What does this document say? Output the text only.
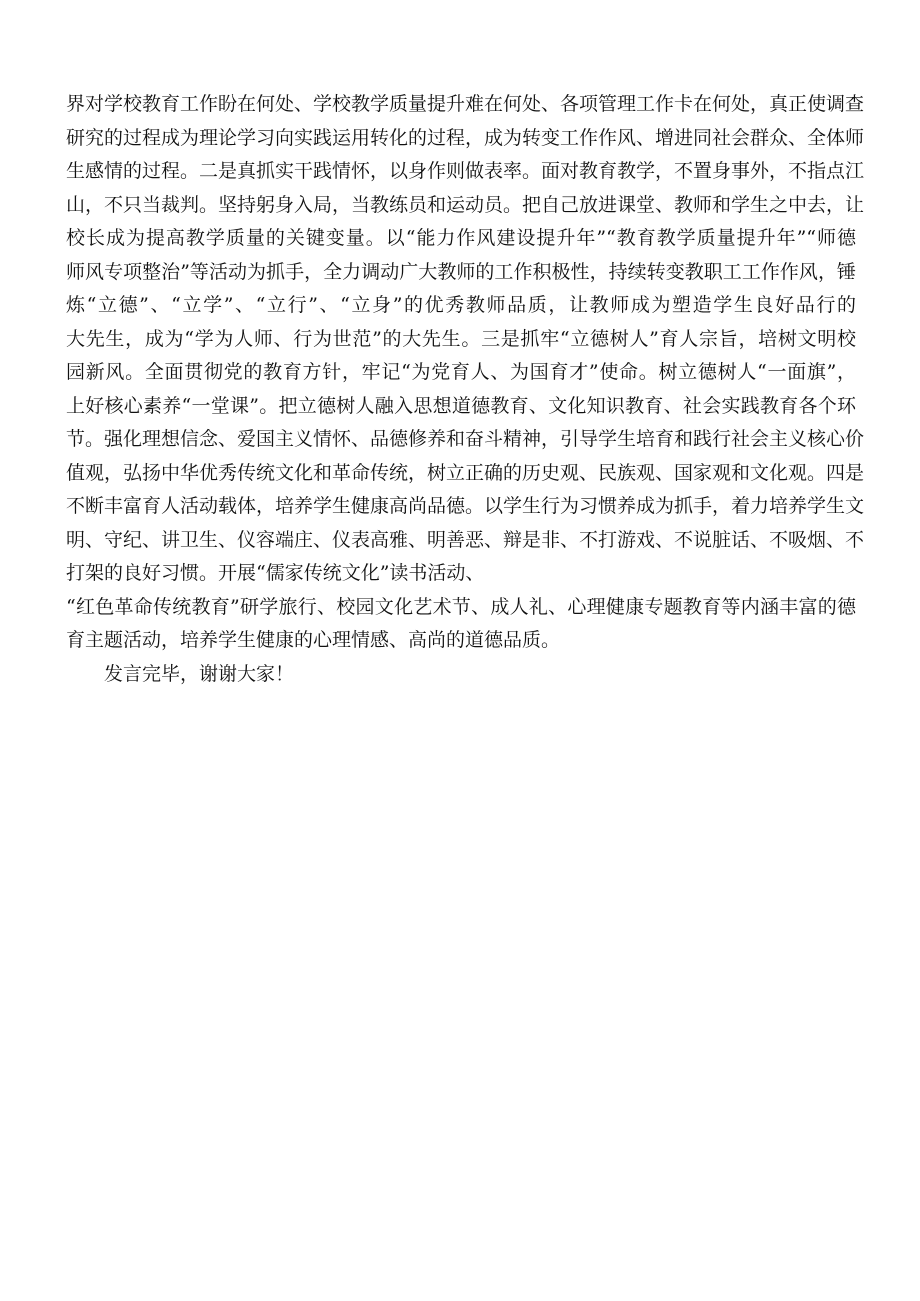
界对学校教育工作盼在何处、学校教学质量提升难在何处、各项管理工作卡在何处，真正使调查
研究的过程成为理论学习向实践运用转化的过程，成为转变工作作风、增进同社会群众、全体师
生感情的过程。二是真抓实干践情怀，以身作则做表率。面对教育教学，不置身事外，不指点江
山，不只当裁判。坚持躬身入局，当教练员和运动员。把自己放进课堂、教师和学生之中去，让
校长成为提高教学质量的关键变量。以“能力作风建设提升年”“教育教学质量提升年”“师德
师风专项整治”等活动为抓手，全力调动广大教师的工作积极性，持续转变教职工工作作风，锤
炼“立德”、“立学”、“立行”、“立身”的优秀教师品质，让教师成为塑造学生良好品行的
大先生，成为“学为人师、行为世范”的大先生。三是抓牢“立德树人”育人宗旨，培树文明校
园新风。全面贯彻党的教育方针，牢记“为党育人、为国育才”使命。树立德树人“一面旗”，
上好核心素养“一堂课”。把立德树人融入思想道德教育、文化知识教育、社会实践教育各个环
节。强化理想信念、爱国主义情怀、品德修养和奋斗精神，引导学生培育和践行社会主义核心价
值观，弘扬中华优秀传统文化和革命传统，树立正确的历史观、民族观、国家观和文化观。四是
不断丰富育人活动载体，培养学生健康高尚品德。以学生行为习惯养成为抓手，着力培养学生文
明、守纪、讲卫生、仪容端庄、仪表高雅、明善恶、辩是非、不打游戏、不说脏话、不吸烟、不
打架的良好习惯。开展“儒家传统文化”读书活动、
“红色革命传统教育”研学旅行、校园文化艺术节、成人礼、心理健康专题教育等内涵丰富的德
育主题活动，培养学生健康的心理情感、高尚的道德品质。
发言完毕，谢谢大家！
